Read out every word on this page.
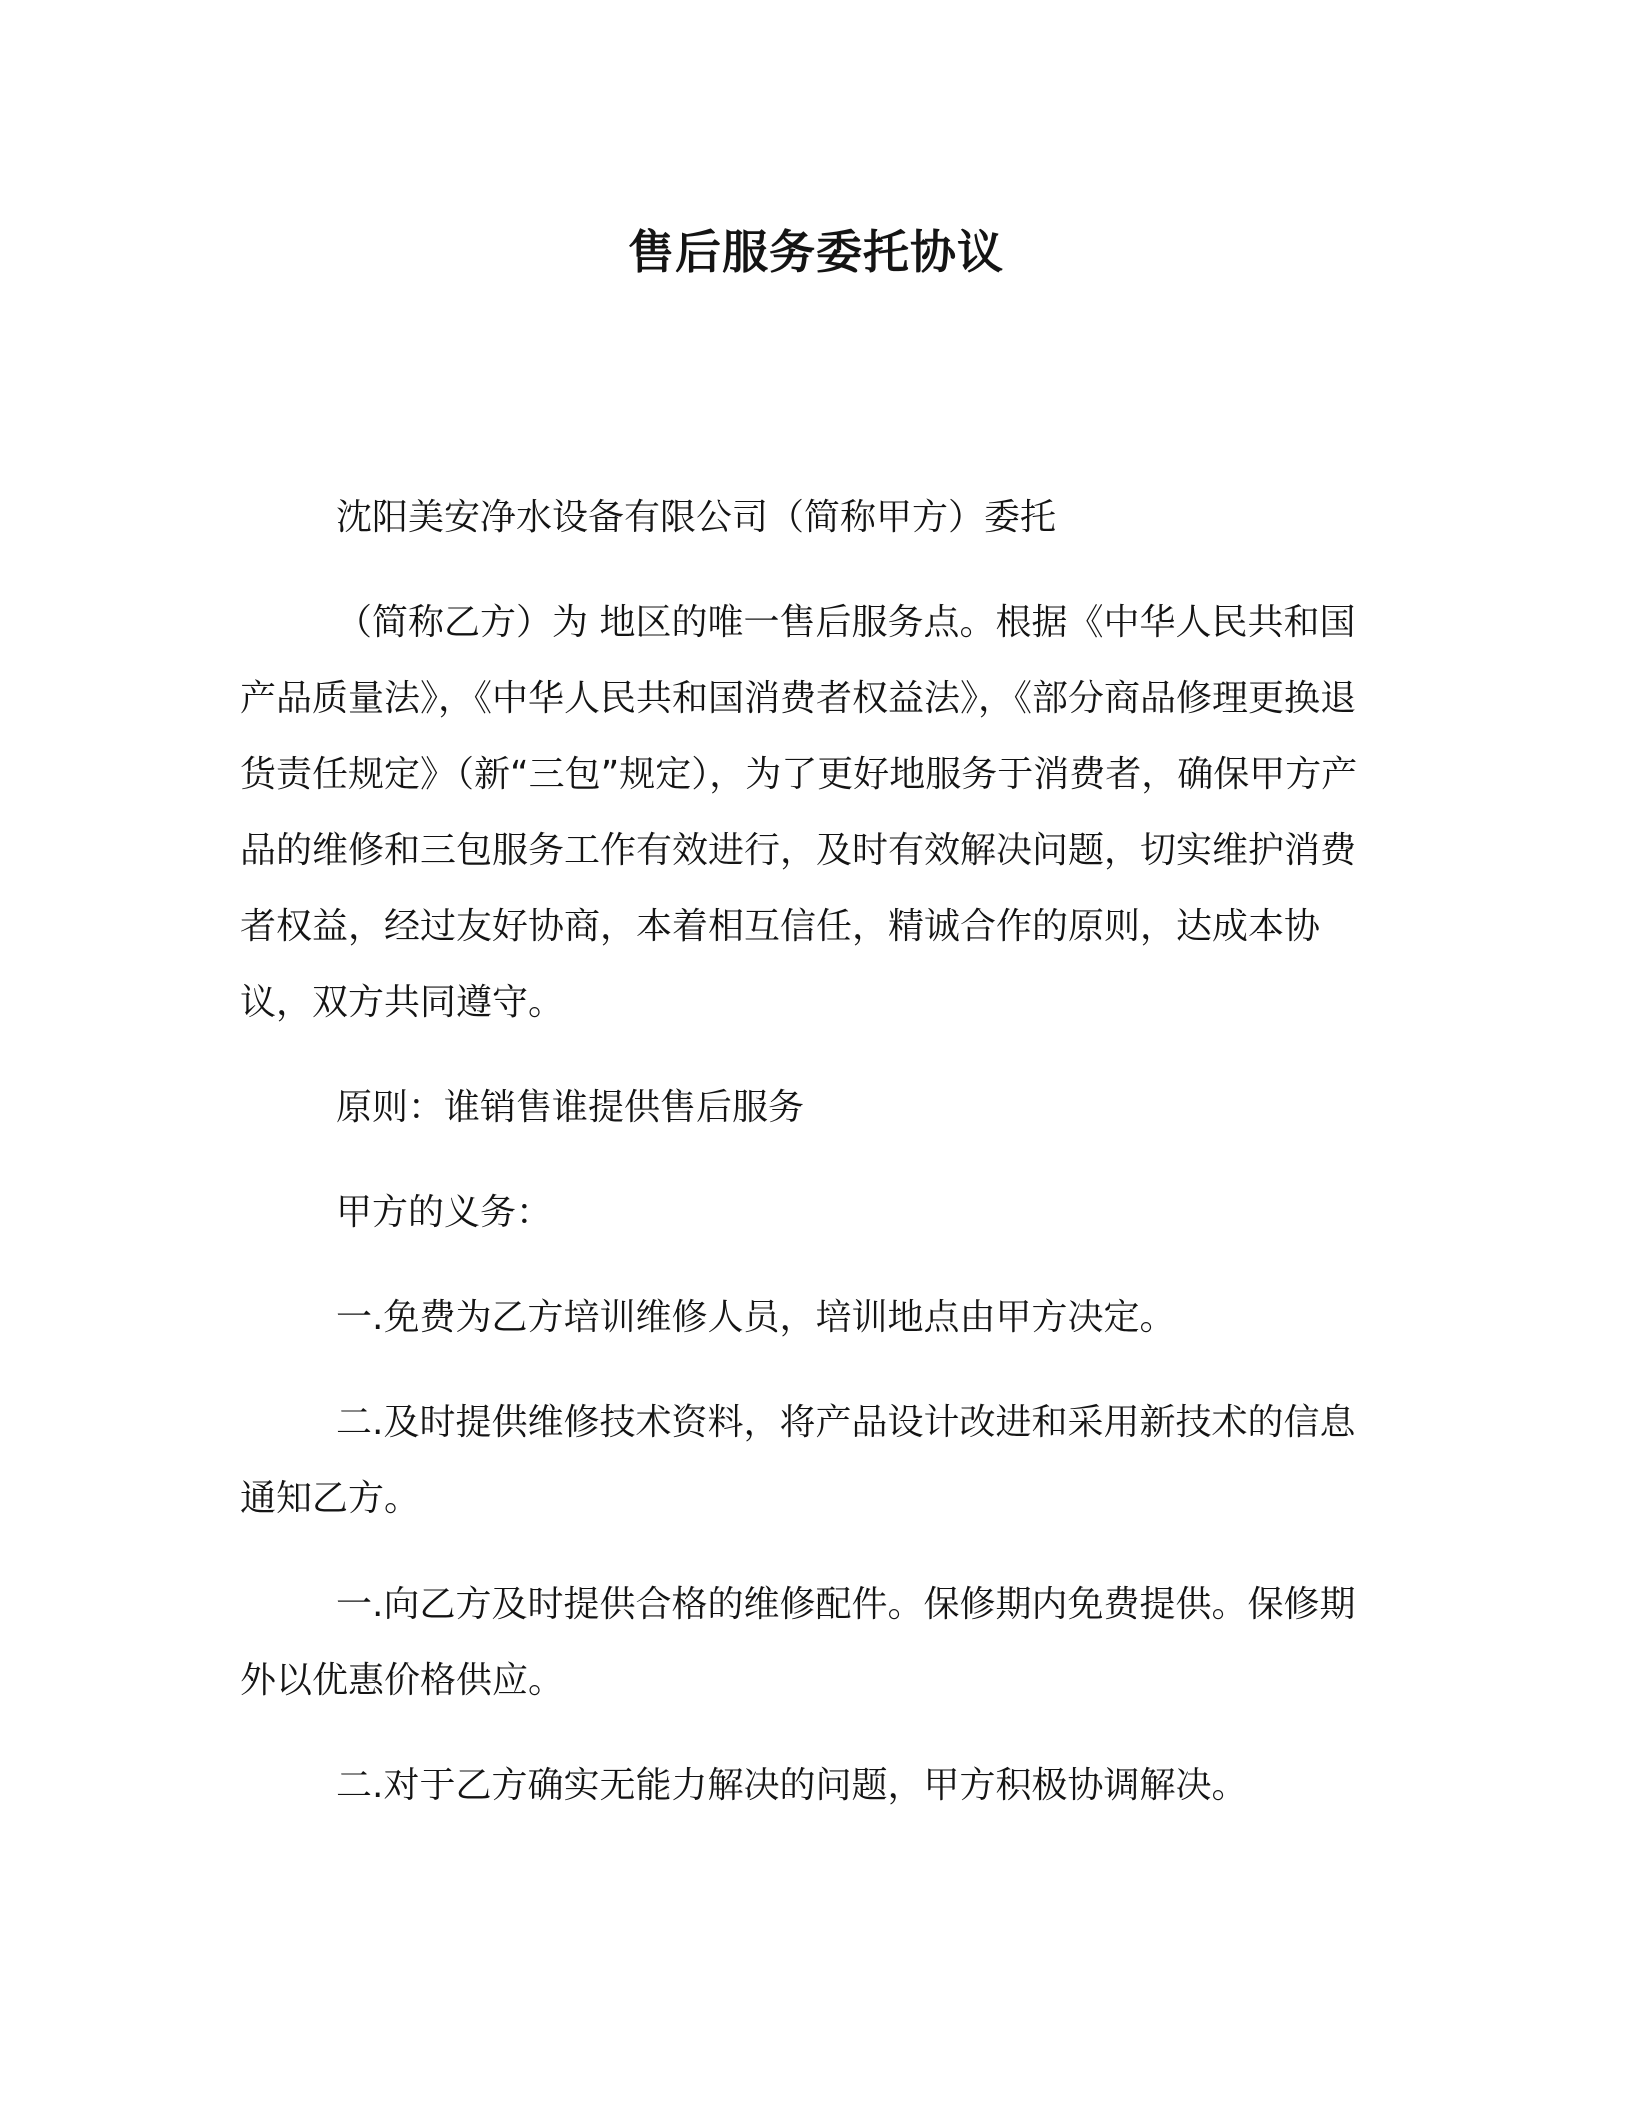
售后服务委托协议

沈阳美安净水设备有限公司（简称甲方）委托

（简称乙方）为 地区的唯一售后服务点。根据《中华人民共和国产品质量法》，《中华人民共和国消费者权益法》，《部分商品修理更换退货责任规定》（新“三包”规定），为了更好地服务于消费者，确保甲方产品的维修和三包服务工作有效进行，及时有效解决问题，切实维护消费者权益，经过友好协商，本着相互信任，精诚合作的原则，达成本协议，双方共同遵守。

原则：谁销售谁提供售后服务

甲方的义务：

一.免费为乙方培训维修人员，培训地点由甲方决定。

二.及时提供维修技术资料，将产品设计改进和采用新技术的信息通知乙方。

一.向乙方及时提供合格的维修配件。保修期内免费提供。保修期外以优惠价格供应。

二.对于乙方确实无能力解决的问题，甲方积极协调解决。
